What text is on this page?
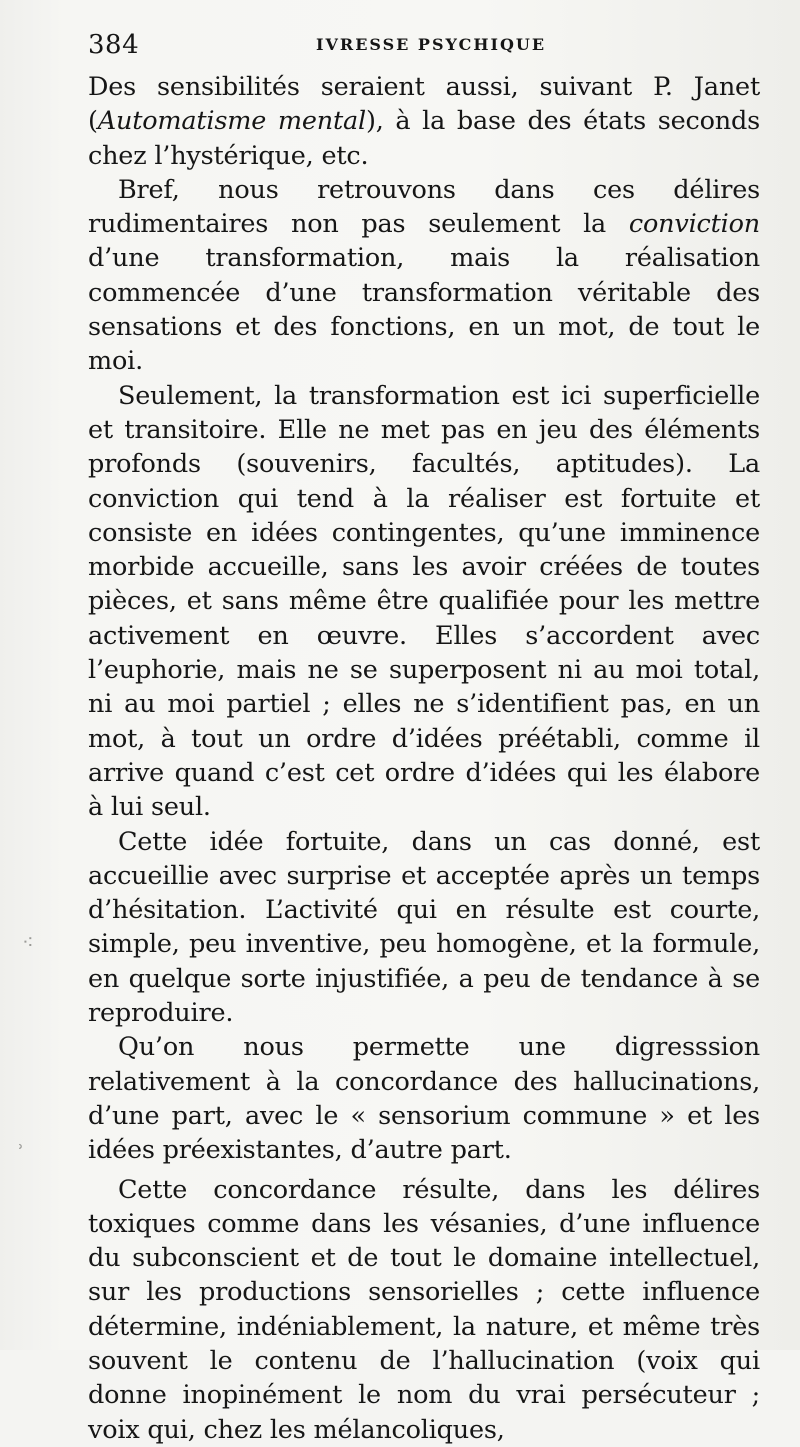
384	IVRESSE PSYCHIQUE

Des sensibilités seraient aussi, suivant P. Janet (Automatisme mental), à la base des états seconds chez l’hystérique, etc.

Bref, nous retrouvons dans ces délires rudimentaires non pas seulement la conviction d’une transformation, mais la réalisation commencée d’une transformation véritable des sensations et des fonctions, en un mot, de tout le moi.

Seulement, la transformation est ici superficielle et transitoire. Elle ne met pas en jeu des éléments profonds (souvenirs, facultés, aptitudes). La conviction qui tend à la réaliser est fortuite et consiste en idées contingentes, qu’une imminence morbide accueille, sans les avoir créées de toutes pièces, et sans même être qualifiée pour les mettre activement en œuvre. Elles s’accordent avec l’euphorie, mais ne se superposent ni au moi total, ni au moi partiel ; elles ne s’identifient pas, en un mot, à tout un ordre d’idées préétabli, comme il arrive quand c’est cet ordre d’idées qui les élabore à lui seul.

Cette idée fortuite, dans un cas donné, est accueillie avec surprise et acceptée après un temps d’hésitation. L’activité qui en résulte est courte, simple, peu inventive, peu homogène, et la formule, en quelque sorte injustifiée, a peu de tendance à se reproduire.

Qu’on nous permette une digresssion relativement à la concordance des hallucinations, d’une part, avec le « sensorium commune » et les idées préexistantes, d’autre part.

Cette concordance résulte, dans les délires toxiques comme dans les vésanies, d’une influence du subconscient et de tout le domaine intellectuel, sur les productions sensorielles ; cette influence détermine, indéniablement, la nature, et même très souvent le contenu de l’hallucination (voix qui donne inopinément le nom du vrai persécuteur ; voix qui, chez les mélancoliques,

⁖
˒
